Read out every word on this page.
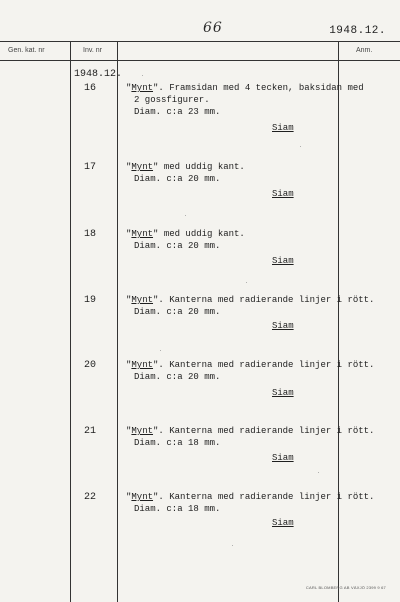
66	1948.12.
Gen. kat. nr	Inv. nr	Anm.
1948.12.
16	"Mynt". Framsidan med 4 tecken, baksidan med
2 gossfigurer.
Diam. c:a 23 mm.
Siam
17	"Mynt" med uddig kant.
Diam. c:a 20 mm.
Siam
18	"Mynt" med uddig kant.
Diam. c:a 20 mm.
Siam
19	"Mynt". Kanterna med radierande linjer i rött.
Diam. c:a 20 mm.
Siam
20	"Mynt". Kanterna med radierande linjer i rött.
Diam. c:a 20 mm.
Siam
21	"Mynt". Kanterna med radierande linjer i rött.
Diam. c:a 18 mm.
Siam
22	"Mynt". Kanterna med radierande linjer i rött.
Diam. c:a 18 mm.
Siam
CARL BLOMBERG AB VÄXJÖ 2399 9 67
